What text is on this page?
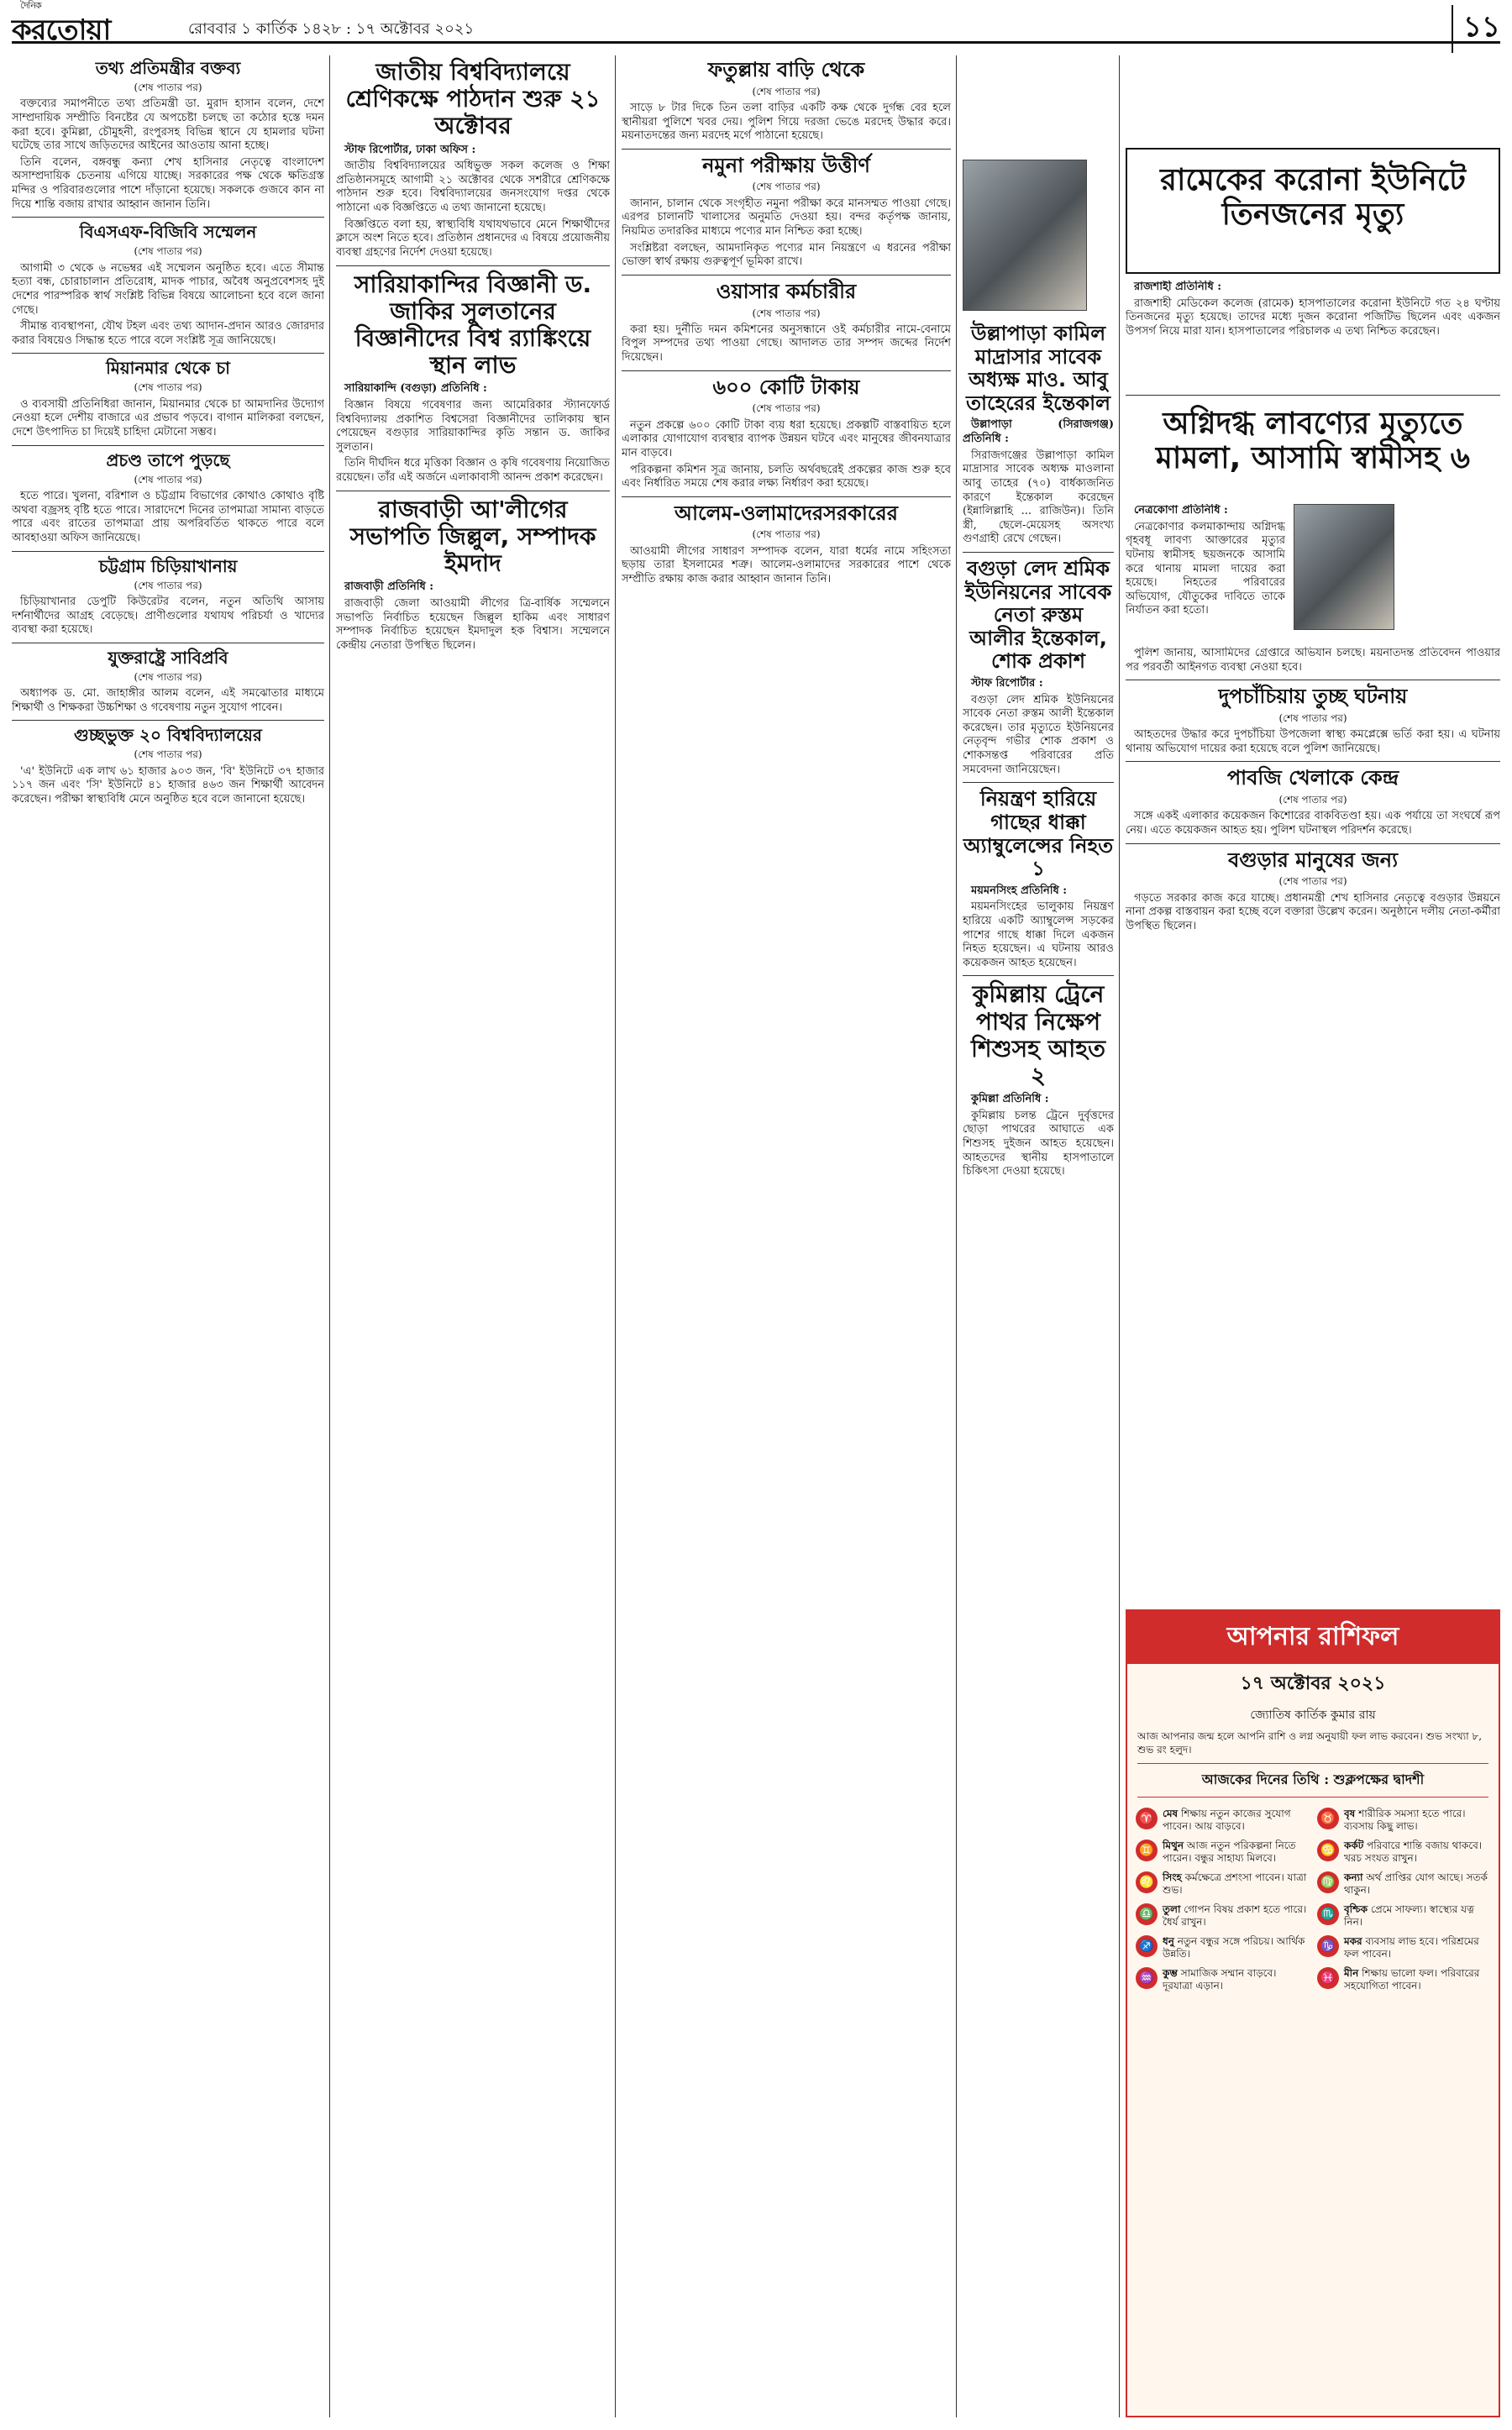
দৈনিক
করতোয়া	রোববার ১ কার্তিক ১৪২৮ : ১৭ অক্টোবর ২০২১	১১
তথ্য প্রতিমন্ত্রীর বক্তব্য
(শেষ পাতার পর)

বক্তব্যের সমাপনীতে তথ্য প্রতিমন্ত্রী ডা. মুরাদ হাসান বলেন, দেশে সাম্প্রদায়িক সম্প্রীতি বিনষ্টের যে অপচেষ্টা চলছে তা কঠোর হস্তে দমন করা হবে। কুমিল্লা, চৌমুহনী, রংপুরসহ বিভিন্ন স্থানে যে হামলার ঘটনা ঘটেছে তার সাথে জড়িতদের আইনের আওতায় আনা হচ্ছে।

তিনি বলেন, বঙ্গবন্ধু কন্যা শেখ হাসিনার নেতৃত্বে বাংলাদেশ অসাম্প্রদায়িক চেতনায় এগিয়ে যাচ্ছে। সরকারের পক্ষ থেকে ক্ষতিগ্রস্ত মন্দির ও পরিবারগুলোর পাশে দাঁড়ানো হয়েছে। সকলকে গুজবে কান না দিয়ে শান্তি বজায় রাখার আহ্বান জানান তিনি।

বিএসএফ-বিজিবি সম্মেলন
(শেষ পাতার পর)

আগামী ৩ থেকে ৬ নভেম্বর এই সম্মেলন অনুষ্ঠিত হবে। এতে সীমান্ত হত্যা বন্ধ, চোরাচালান প্রতিরোধ, মাদক পাচার, অবৈধ অনুপ্রবেশসহ দুই দেশের পারস্পরিক স্বার্থ সংশ্লিষ্ট বিভিন্ন বিষয়ে আলোচনা হবে বলে জানা গেছে।

সীমান্ত ব্যবস্থাপনা, যৌথ টহল এবং তথ্য আদান-প্রদান আরও জোরদার করার বিষয়েও সিদ্ধান্ত হতে পারে বলে সংশ্লিষ্ট সূত্র জানিয়েছে।

মিয়ানমার থেকে চা
(শেষ পাতার পর)

ও ব্যবসায়ী প্রতিনিধিরা জানান, মিয়ানমার থেকে চা আমদানির উদ্যোগ নেওয়া হলে দেশীয় বাজারে এর প্রভাব পড়বে। বাগান মালিকরা বলছেন, দেশে উৎপাদিত চা দিয়েই চাহিদা মেটানো সম্ভব।

প্রচণ্ড তাপে পুড়ছে
(শেষ পাতার পর)

হতে পারে। খুলনা, বরিশাল ও চট্টগ্রাম বিভাগের কোথাও কোথাও বৃষ্টি অথবা বজ্রসহ বৃষ্টি হতে পারে। সারাদেশে দিনের তাপমাত্রা সামান্য বাড়তে পারে এবং রাতের তাপমাত্রা প্রায় অপরিবর্তিত থাকতে পারে বলে আবহাওয়া অফিস জানিয়েছে।

চট্টগ্রাম চিড়িয়াখানায়
(শেষ পাতার পর)

চিড়িয়াখানার ডেপুটি কিউরেটর বলেন, নতুন অতিথি আসায় দর্শনার্থীদের আগ্রহ বেড়েছে। প্রাণীগুলোর যথাযথ পরিচর্যা ও খাদ্যের ব্যবস্থা করা হয়েছে।

যুক্তরাষ্ট্রে সাবিপ্রবি
(শেষ পাতার পর)

অধ্যাপক ড. মো. জাহাঙ্গীর আলম বলেন, এই সমঝোতার মাধ্যমে শিক্ষার্থী ও শিক্ষকরা উচ্চশিক্ষা ও গবেষণায় নতুন সুযোগ পাবেন।

গুচ্ছভুক্ত ২০ বিশ্ববিদ্যালয়ের
(শেষ পাতার পর)

'এ' ইউনিটে এক লাখ ৬১ হাজার ৯০৩ জন, 'বি' ইউনিটে ৩৭ হাজার ১১৭ জন এবং 'সি' ইউনিটে ৪১ হাজার ৪৬৩ জন শিক্ষার্থী আবেদন করেছেন। পরীক্ষা স্বাস্থ্যবিধি মেনে অনুষ্ঠিত হবে বলে জানানো হয়েছে।

জাতীয় বিশ্ববিদ্যালয়ে শ্রেণিকক্ষে পাঠদান শুরু ২১ অক্টোবর

স্টাফ রিপোর্টার, ঢাকা অফিস :

জাতীয় বিশ্ববিদ্যালয়ের অধিভুক্ত সকল কলেজ ও শিক্ষা প্রতিষ্ঠানসমূহে আগামী ২১ অক্টোবর থেকে সশরীরে শ্রেণিকক্ষে পাঠদান শুরু হবে। বিশ্ববিদ্যালয়ের জনসংযোগ দপ্তর থেকে পাঠানো এক বিজ্ঞপ্তিতে এ তথ্য জানানো হয়েছে।

বিজ্ঞপ্তিতে বলা হয়, স্বাস্থ্যবিধি যথাযথভাবে মেনে শিক্ষার্থীদের ক্লাসে অংশ নিতে হবে। প্রতিষ্ঠান প্রধানদের এ বিষয়ে প্রয়োজনীয় ব্যবস্থা গ্রহণের নির্দেশ দেওয়া হয়েছে।

সারিয়াকান্দির বিজ্ঞানী ড. জাকির সুলতানের বিজ্ঞানীদের বিশ্ব র‍্যাঙ্কিংয়ে স্থান লাভ

সারিয়াকান্দি (বগুড়া) প্রতিনিধি :

বিজ্ঞান বিষয়ে গবেষণার জন্য আমেরিকার স্ট্যানফোর্ড বিশ্ববিদ্যালয় প্রকাশিত বিশ্বসেরা বিজ্ঞানীদের তালিকায় স্থান পেয়েছেন বগুড়ার সারিয়াকান্দির কৃতি সন্তান ড. জাকির সুলতান।

তিনি দীর্ঘদিন ধরে মৃত্তিকা বিজ্ঞান ও কৃষি গবেষণায় নিয়োজিত রয়েছেন। তাঁর এই অর্জনে এলাকাবাসী আনন্দ প্রকাশ করেছেন।

রাজবাড়ী আ'লীগের সভাপতি জিল্লুল, সম্পাদক ইমদাদ

রাজবাড়ী প্রতিনিধি :

রাজবাড়ী জেলা আওয়ামী লীগের ত্রি-বার্ষিক সম্মেলনে সভাপতি নির্বাচিত হয়েছেন জিল্লুল হাকিম এবং সাধারণ সম্পাদক নির্বাচিত হয়েছেন ইমদাদুল হক বিশ্বাস। সম্মেলনে কেন্দ্রীয় নেতারা উপস্থিত ছিলেন।

ফতুল্লায় বাড়ি থেকে
(শেষ পাতার পর)

সাড়ে ৮ টার দিকে তিন তলা বাড়ির একটি কক্ষ থেকে দুর্গন্ধ বের হলে স্থানীয়রা পুলিশে খবর দেয়। পুলিশ গিয়ে দরজা ভেঙে মরদেহ উদ্ধার করে। ময়নাতদন্তের জন্য মরদেহ মর্গে পাঠানো হয়েছে।

নমুনা পরীক্ষায় উত্তীর্ণ
(শেষ পাতার পর)

জানান, চালান থেকে সংগৃহীত নমুনা পরীক্ষা করে মানসম্মত পাওয়া গেছে। এরপর চালানটি খালাসের অনুমতি দেওয়া হয়। বন্দর কর্তৃপক্ষ জানায়, নিয়মিত তদারকির মাধ্যমে পণ্যের মান নিশ্চিত করা হচ্ছে।

সংশ্লিষ্টরা বলছেন, আমদানিকৃত পণ্যের মান নিয়ন্ত্রণে এ ধরনের পরীক্ষা ভোক্তা স্বার্থ রক্ষায় গুরুত্বপূর্ণ ভূমিকা রাখে।

ওয়াসার কর্মচারীর
(শেষ পাতার পর)

করা হয়। দুর্নীতি দমন কমিশনের অনুসন্ধানে ওই কর্মচারীর নামে-বেনামে বিপুল সম্পদের তথ্য পাওয়া গেছে। আদালত তার সম্পদ জব্দের নির্দেশ দিয়েছেন।

৬০০ কোটি টাকায়
(শেষ পাতার পর)

নতুন প্রকল্পে ৬০০ কোটি টাকা ব্যয় ধরা হয়েছে। প্রকল্পটি বাস্তবায়িত হলে এলাকার যোগাযোগ ব্যবস্থার ব্যাপক উন্নয়ন ঘটবে এবং মানুষের জীবনযাত্রার মান বাড়বে।

পরিকল্পনা কমিশন সূত্র জানায়, চলতি অর্থবছরেই প্রকল্পের কাজ শুরু হবে এবং নির্ধারিত সময়ে শেষ করার লক্ষ্য নির্ধারণ করা হয়েছে।

আলেম-ওলামাদেরসরকারের
(শেষ পাতার পর)

আওয়ামী লীগের সাধারণ সম্পাদক বলেন, যারা ধর্মের নামে সহিংসতা ছড়ায় তারা ইসলামের শত্রু। আলেম-ওলামাদের সরকারের পাশে থেকে সম্প্রীতি রক্ষায় কাজ করার আহ্বান জানান তিনি।

উল্লাপাড়া কামিল মাদ্রাসার সাবেক অধ্যক্ষ মাও. আবু তাহেরের ইন্তেকাল

উল্লাপাড়া (সিরাজগঞ্জ) প্রতিনিধি :

সিরাজগঞ্জের উল্লাপাড়া কামিল মাদ্রাসার সাবেক অধ্যক্ষ মাওলানা আবু তাহের (৭০) বার্ধক্যজনিত কারণে ইন্তেকাল করেছেন (ইন্নালিল্লাহি ... রাজিউন)। তিনি স্ত্রী, ছেলে-মেয়েসহ অসংখ্য গুণগ্রাহী রেখে গেছেন।

বগুড়া লেদ শ্রমিক ইউনিয়নের সাবেক নেতা রুস্তম আলীর ইন্তেকাল, শোক প্রকাশ

স্টাফ রিপোর্টার :

বগুড়া লেদ শ্রমিক ইউনিয়নের সাবেক নেতা রুস্তম আলী ইন্তেকাল করেছেন। তার মৃত্যুতে ইউনিয়নের নেতৃবৃন্দ গভীর শোক প্রকাশ ও শোকসন্তপ্ত পরিবারের প্রতি সমবেদনা জানিয়েছেন।

নিয়ন্ত্রণ হারিয়ে গাছের ধাক্কা অ্যাম্বুলেন্সের নিহত ১

ময়মনসিংহ প্রতিনিধি :

ময়মনসিংহের ভালুকায় নিয়ন্ত্রণ হারিয়ে একটি অ্যাম্বুলেন্স সড়কের পাশের গাছে ধাক্কা দিলে একজন নিহত হয়েছেন। এ ঘটনায় আরও কয়েকজন আহত হয়েছেন।

কুমিল্লায় ট্রেনে পাথর নিক্ষেপ শিশুসহ আহত ২

কুমিল্লা প্রতিনিধি :

কুমিল্লায় চলন্ত ট্রেনে দুর্বৃত্তদের ছোড়া পাথরের আঘাতে এক শিশুসহ দুইজন আহত হয়েছেন। আহতদের স্থানীয় হাসপাতালে চিকিৎসা দেওয়া হয়েছে।

রামেকের করোনা ইউনিটে তিনজনের মৃত্যু

রাজশাহী প্রতিনিধি :

রাজশাহী মেডিকেল কলেজ (রামেক) হাসপাতালের করোনা ইউনিটে গত ২৪ ঘণ্টায় তিনজনের মৃত্যু হয়েছে। তাদের মধ্যে দুজন করোনা পজিটিভ ছিলেন এবং একজন উপসর্গ নিয়ে মারা যান। হাসপাতালের পরিচালক এ তথ্য নিশ্চিত করেছেন।

অগ্নিদগ্ধ লাবণ্যের মৃত্যুতে মামলা, আসামি স্বামীসহ ৬

নেত্রকোণা প্রতিনিধি :

নেত্রকোণার কলমাকান্দায় অগ্নিদগ্ধ গৃহবধূ লাবণ্য আক্তারের মৃত্যুর ঘটনায় স্বামীসহ ছয়জনকে আসামি করে থানায় মামলা দায়ের করা হয়েছে। নিহতের পরিবারের অভিযোগ, যৌতুকের দাবিতে তাকে নির্যাতন করা হতো।

পুলিশ জানায়, আসামিদের গ্রেপ্তারে অভিযান চলছে। ময়নাতদন্ত প্রতিবেদন পাওয়ার পর পরবর্তী আইনগত ব্যবস্থা নেওয়া হবে।

দুপচাঁচিয়ায় তুচ্ছ ঘটনায়
(শেষ পাতার পর)

আহতদের উদ্ধার করে দুপচাঁচিয়া উপজেলা স্বাস্থ্য কমপ্লেক্সে ভর্তি করা হয়। এ ঘটনায় থানায় অভিযোগ দায়ের করা হয়েছে বলে পুলিশ জানিয়েছে।

পাবজি খেলাকে কেন্দ্র
(শেষ পাতার পর)

সঙ্গে একই এলাকার কয়েকজন কিশোরের বাকবিতণ্ডা হয়। এক পর্যায়ে তা সংঘর্ষে রূপ নেয়। এতে কয়েকজন আহত হয়। পুলিশ ঘটনাস্থল পরিদর্শন করেছে।

বগুড়ার মানুষের জন্য
(শেষ পাতার পর)

গড়তে সরকার কাজ করে যাচ্ছে। প্রধানমন্ত্রী শেখ হাসিনার নেতৃত্বে বগুড়ার উন্নয়নে নানা প্রকল্প বাস্তবায়ন করা হচ্ছে বলে বক্তারা উল্লেখ করেন। অনুষ্ঠানে দলীয় নেতা-কর্মীরা উপস্থিত ছিলেন।

আপনার রাশিফল
১৭ অক্টোবর ২০২১
জ্যোতিষ কার্তিক কুমার রায়
আজ আপনার জন্ম হলে আপনি রাশি ও লগ্ন অনুযায়ী ফল লাভ করবেন। শুভ সংখ্যা ৮, শুভ রং হলুদ।
আজকের দিনের তিথি : শুক্লপক্ষের দ্বাদশী
♈ মেষ শিক্ষায় নতুন কাজের সুযোগ পাবেন। আয় বাড়বে।
♉ বৃষ শারীরিক সমস্যা হতে পারে। ব্যবসায় কিছু লাভ।
♊ মিথুন আজ নতুন পরিকল্পনা নিতে পারেন। বন্ধুর সাহায্য মিলবে।
♋ কর্কট পরিবারে শান্তি বজায় থাকবে। খরচ সংযত রাখুন।
♌ সিংহ কর্মক্ষেত্রে প্রশংসা পাবেন। যাত্রা শুভ।
♍ কন্যা অর্থ প্রাপ্তির যোগ আছে। সতর্ক থাকুন।
♎ তুলা গোপন বিষয় প্রকাশ হতে পারে। ধৈর্য রাখুন।
♏ বৃশ্চিক প্রেমে সাফল্য। স্বাস্থ্যের যত্ন নিন।
♐ ধনু নতুন বন্ধুর সঙ্গে পরিচয়। আর্থিক উন্নতি।
♑ মকর ব্যবসায় লাভ হবে। পরিশ্রমের ফল পাবেন।
♒ কুম্ভ সামাজিক সম্মান বাড়বে। দূরযাত্রা এড়ান।
♓ মীন শিক্ষায় ভালো ফল। পরিবারের সহযোগিতা পাবেন।
